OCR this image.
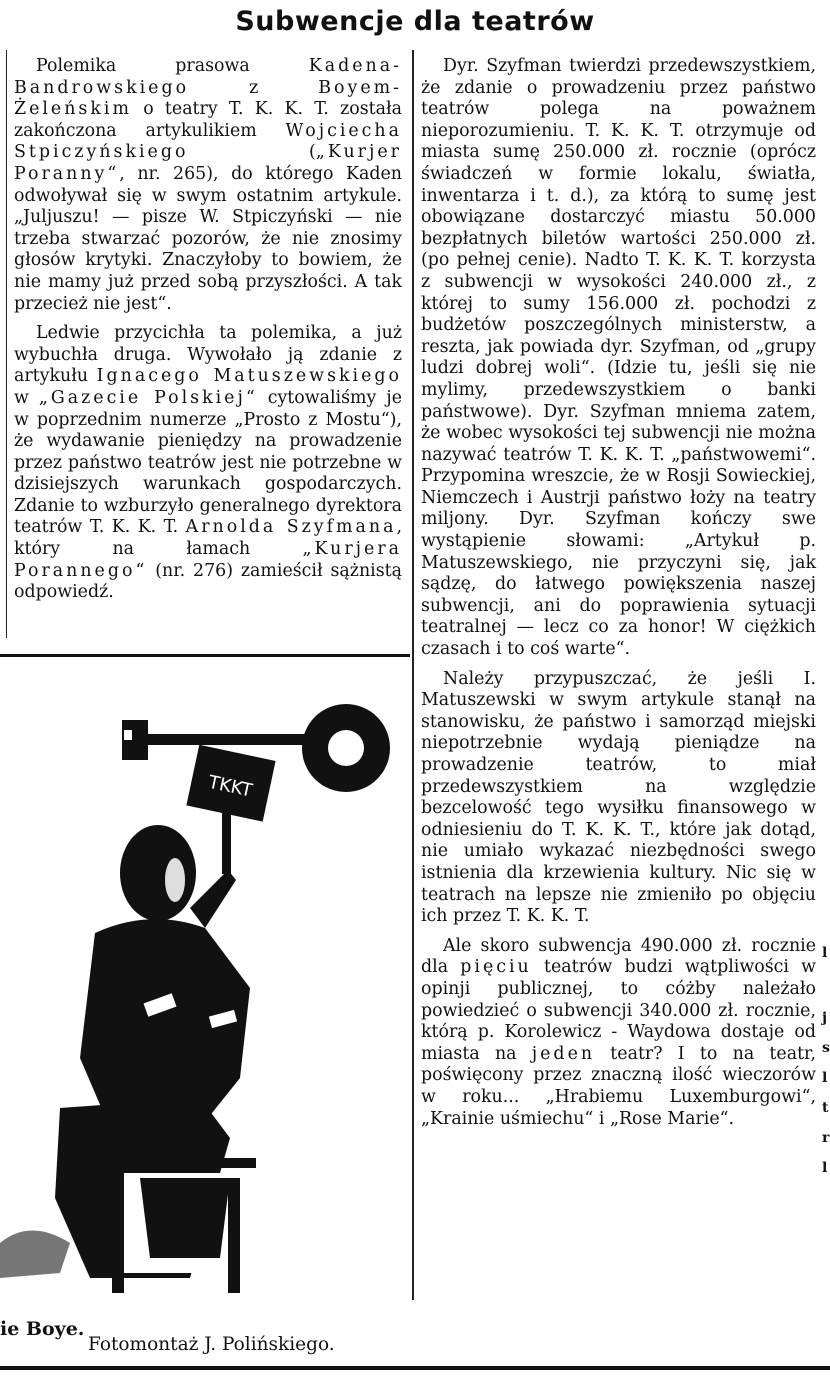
Subwencje dla teatrów

Polemika prasowa Kadena-Bandrowskiego z Boyem-Żeleńskim o teatry T. K. K. T. została zakończona artykulikiem Wojciecha Stpiczyńskiego („Kurjer Poranny“, nr. 265), do którego Kaden odwoływał się w swym ostatnim artykule. „Juljuszu! — pisze W. Stpiczyński — nie trzeba stwarzać pozorów, że nie znosimy głosów krytyki. Znaczyłoby to bowiem, że nie mamy już przed sobą przyszłości. A tak przecież nie jest“.

Ledwie przycichła ta polemika, a już wybuchła druga. Wywołało ją zdanie z artykułu Ignacego Matuszewskiego w „Gazecie Polskiej“ cytowaliśmy je w poprzednim numerze „Prosto z Mostu“), że wydawanie pieniędzy na prowadzenie przez państwo teatrów jest nie potrzebne w dzisiejszych warunkach gospodarczych. Zdanie to wzburzyło generalnego dyrektora teatrów T. K. K. T. Arnolda Szyfmana, który na łamach „Kurjera Porannego“ (nr. 276) zamieścił sążnistą odpowiedź.

Dyr. Szyfman twierdzi przedewszystkiem, że zdanie o prowadzeniu przez państwo teatrów polega na poważnem nieporozumieniu. T. K. K. T. otrzymuje od miasta sumę 250.000 zł. rocznie (oprócz świadczeń w formie lokalu, światła, inwentarza i t. d.), za którą to sumę jest obowiązane dostarczyć miastu 50.000 bezpłatnych biletów wartości 250.000 zł. (po pełnej cenie). Nadto T. K. K. T. korzysta z subwencji w wysokości 240.000 zł., z której to sumy 156.000 zł. pochodzi z budżetów poszczególnych ministerstw, a reszta, jak powiada dyr. Szyfman, od „grupy ludzi dobrej woli“. (Idzie tu, jeśli się nie mylimy, przedewszystkiem o banki państwowe). Dyr. Szyfman mniema zatem, że wobec wysokości tej subwencji nie można nazywać teatrów T. K. K. T. „państwowemi“. Przypomina wreszcie, że w Rosji Sowieckiej, Niemczech i Austrji państwo łoży na teatry miljony. Dyr. Szyfman kończy swe wystąpienie słowami: „Artykuł p. Matuszewskiego, nie przyczyni się, jak sądzę, do łatwego powiększenia naszej subwencji, ani do poprawienia sytuacji teatralnej — lecz co za honor! W ciężkich czasach i to coś warte“.

Należy przypuszczać, że jeśli I. Matuszewski w swym artykule stanął na stanowisku, że państwo i samorząd miejski niepotrzebnie wydają pieniądze na prowadzenie teatrów, to miał przedewszystkiem na względzie bezcelowość tego wysiłku finansowego w odniesieniu do T. K. K. T., które jak dotąd, nie umiało wykazać niezbędności swego istnienia dla krzewienia kultury. Nic się w teatrach na lepsze nie zmieniło po objęciu ich przez T. K. K. T.

Ale skoro subwencja 490.000 zł. rocznie dla pięciu teatrów budzi wątpliwości w opinji publicznej, to cóżby należało powiedzieć o subwencji 340.000 zł. rocznie, którą p. Korolewicz - Waydowa dostaje od miasta na jeden teatr? I to na teatr, poświęcony przez znaczną ilość wieczorów w roku... „Hrabiemu Luxemburgowi“, „Krainie uśmiechu“ i „Rose Marie“.

TKKT
ie Boye.
Fotomontaż J. Polińskiego.
l
j
s
l
t
r
l
